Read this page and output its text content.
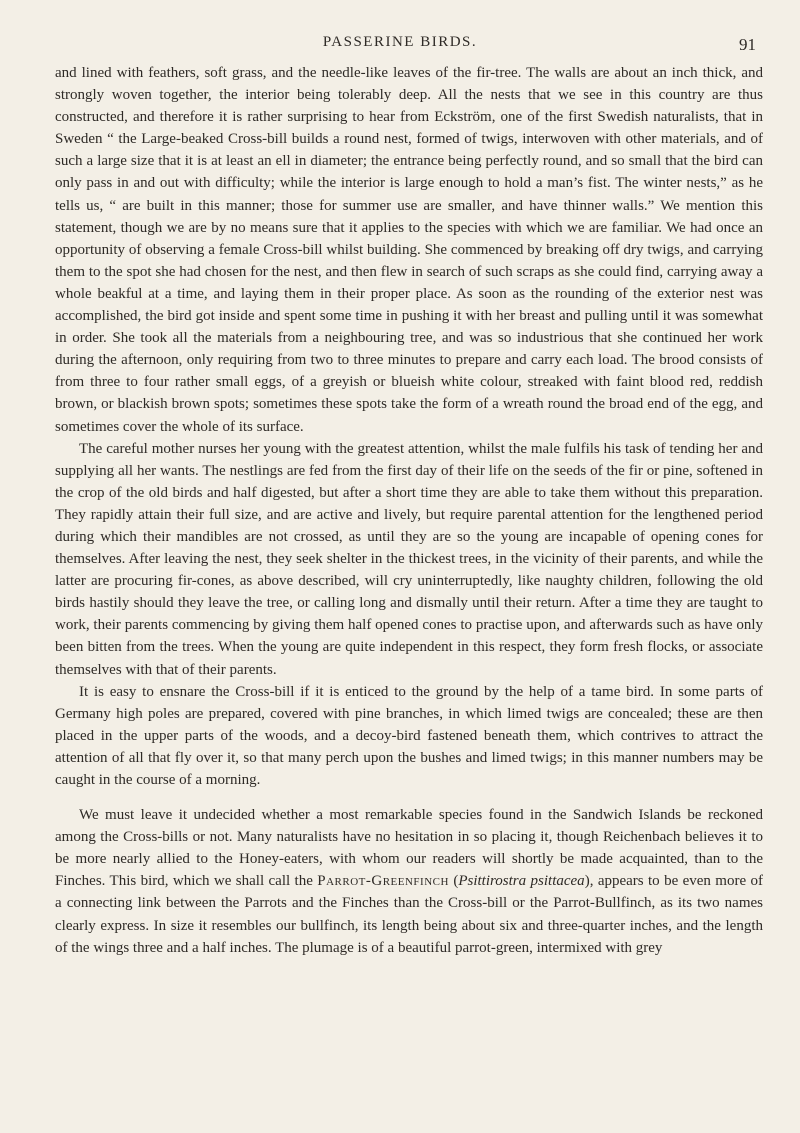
PASSERINE BIRDS.	91

and lined with feathers, soft grass, and the needle-like leaves of the fir-tree. The walls are about an inch thick, and strongly woven together, the interior being tolerably deep. All the nests that we see in this country are thus constructed, and therefore it is rather surprising to hear from Eckström, one of the first Swedish naturalists, that in Sweden “ the Large-beaked Cross-bill builds a round nest, formed of twigs, interwoven with other materials, and of such a large size that it is at least an ell in diameter; the entrance being perfectly round, and so small that the bird can only pass in and out with difficulty; while the interior is large enough to hold a man’s fist. The winter nests,” as he tells us, “ are built in this manner; those for summer use are smaller, and have thinner walls.” We mention this statement, though we are by no means sure that it applies to the species with which we are familiar. We had once an opportunity of observing a female Cross-bill whilst building. She commenced by breaking off dry twigs, and carrying them to the spot she had chosen for the nest, and then flew in search of such scraps as she could find, carrying away a whole beakful at a time, and laying them in their proper place. As soon as the rounding of the exterior nest was accomplished, the bird got inside and spent some time in pushing it with her breast and pulling until it was somewhat in order. She took all the materials from a neighbouring tree, and was so industrious that she continued her work during the afternoon, only requiring from two to three minutes to prepare and carry each load. The brood consists of from three to four rather small eggs, of a greyish or blueish white colour, streaked with faint blood red, reddish brown, or blackish brown spots; sometimes these spots take the form of a wreath round the broad end of the egg, and sometimes cover the whole of its surface.

The careful mother nurses her young with the greatest attention, whilst the male fulfils his task of tending her and supplying all her wants. The nestlings are fed from the first day of their life on the seeds of the fir or pine, softened in the crop of the old birds and half digested, but after a short time they are able to take them without this preparation. They rapidly attain their full size, and are active and lively, but require parental attention for the lengthened period during which their mandibles are not crossed, as until they are so the young are incapable of opening cones for themselves. After leaving the nest, they seek shelter in the thickest trees, in the vicinity of their parents, and while the latter are procuring fir-cones, as above described, will cry uninterruptedly, like naughty children, following the old birds hastily should they leave the tree, or calling long and dismally until their return. After a time they are taught to work, their parents commencing by giving them half opened cones to practise upon, and afterwards such as have only been bitten from the trees. When the young are quite independent in this respect, they form fresh flocks, or associate themselves with that of their parents.

It is easy to ensnare the Cross-bill if it is enticed to the ground by the help of a tame bird. In some parts of Germany high poles are prepared, covered with pine branches, in which limed twigs are concealed; these are then placed in the upper parts of the woods, and a decoy-bird fastened beneath them, which contrives to attract the attention of all that fly over it, so that many perch upon the bushes and limed twigs; in this manner numbers may be caught in the course of a morning.

We must leave it undecided whether a most remarkable species found in the Sandwich Islands be reckoned among the Cross-bills or not. Many naturalists have no hesitation in so placing it, though Reichenbach believes it to be more nearly allied to the Honey-eaters, with whom our readers will shortly be made acquainted, than to the Finches. This bird, which we shall call the Parrot-Greenfinch (Psittirostra psittacea), appears to be even more of a connecting link between the Parrots and the Finches than the Cross-bill or the Parrot-Bullfinch, as its two names clearly express. In size it resembles our bullfinch, its length being about six and three-quarter inches, and the length of the wings three and a half inches. The plumage is of a beautiful parrot-green, intermixed with grey
